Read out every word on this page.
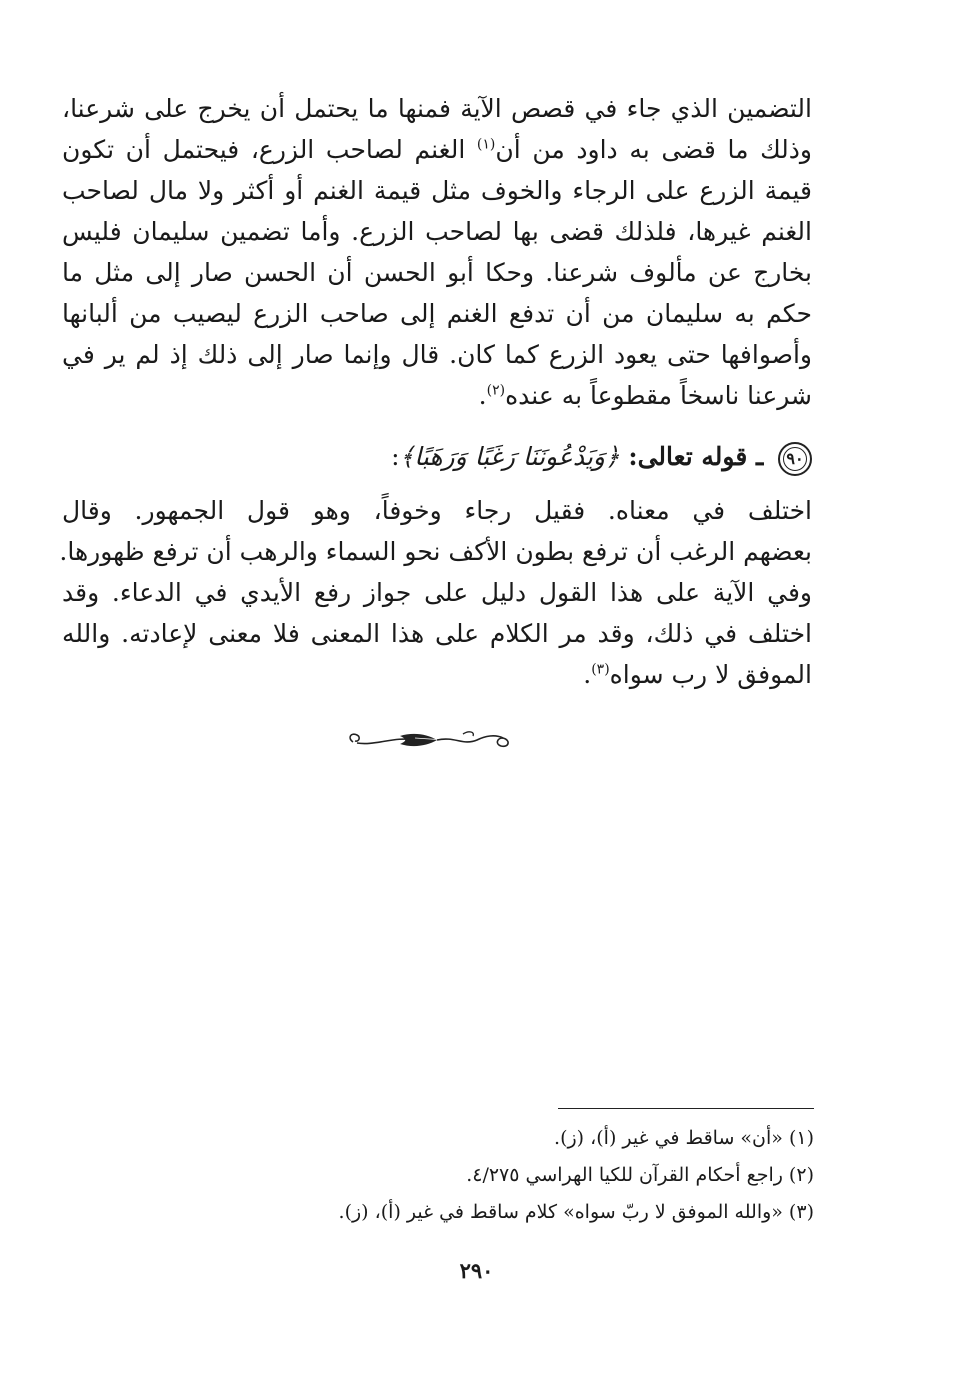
التضمين الذي جاء في قصص الآية فمنها ما يحتمل أن يخرج على شرعنا،
وذلك ما قضى به داود من أن$^{(١)}$ الغنم لصاحب الزرع، فيحتمل أن تكون
قيمة الزرع على الرجاء والخوف مثل قيمة الغنم أو أكثر ولا مال لصاحب
الغنم غيرها، فلذلك قضى بها لصاحب الزرع. وأما تضمين سليمان فليس
بخارج عن مألوف شرعنا. وحكا أبو الحسن أن الحسن صار إلى مثل ما
حكم به سليمان من أن تدفع الغنم إلى صاحب الزرع ليصيب من ألبانها
وأصوافها حتى يعود الزرع كما كان. قال وإنما صار إلى ذلك إذ لم ير في
شرعنا ناسخاً مقطوعاً به عنده$^{(٢)}$.
٩٠ ـ قوله تعالى: ﴿وَيَدْعُونَنَا رَغَبًا وَرَهَبًا﴾:
اختلف في معناه. فقيل رجاء وخوفاً، وهو قول الجمهور. وقال
بعضهم الرغب أن ترفع بطون الأكف نحو السماء والرهب أن ترفع ظهورها.
وفي الآية على هذا القول دليل على جواز رفع الأيدي في الدعاء. وقد
اختلف في ذلك، وقد مر الكلام على هذا المعنى فلا معنى لإعادته. والله
الموفق لا رب سواه$^{(٣)}$.
(١) «أن» ساقط في غير (أ)، (ز).
(٢) راجع أحكام القرآن للكيا الهراسي ٤/٢٧٥.
(٣) «والله الموفق لا ربّ سواه» كلام ساقط في غير (أ)، (ز).
٢٩٠
